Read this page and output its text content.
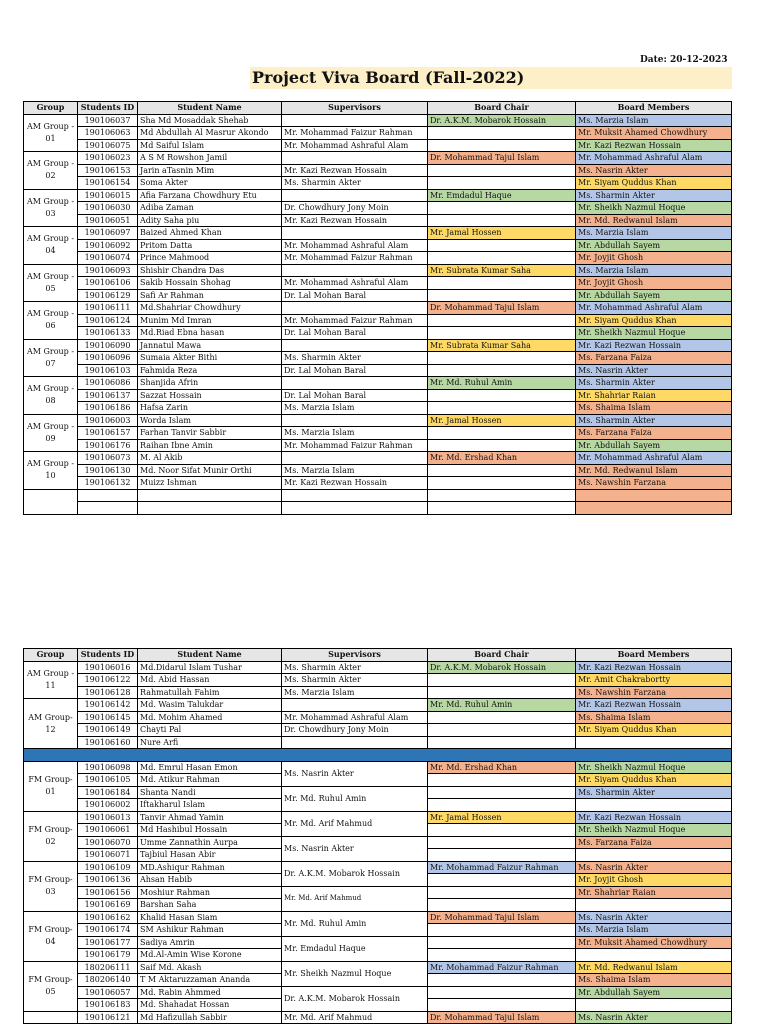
Date: 20-12-2023
Project Viva Board (Fall-2022)
Group	Students ID	Student Name	Supervisors	Board Chair	Board Members
AM Group - 01	190106037	Sha Md Mosaddak Shehab		Dr. A.K.M. Mobarok Hossain	Ms. Marzia Islam
	190106063	Md Abdullah Al Masrur Akondo	Mr. Mohammad Faizur Rahman		Mr. Muksit Ahamed Chowdhury
	190106075	Md Saiful Islam	Mr. Mohammad Ashraful Alam		Mr. Kazi Rezwan Hossain
AM Group - 02	190106023	A S M Rowshon Jamil		Dr. Mohammad Tajul Islam	Mr. Mohammad Ashraful Alam
	190106153	Jarin aTasnin Mim	Mr. Kazi Rezwan Hossain		Ms. Nasrin Akter
	190106154	Soma Akter	Ms. Sharmin Akter		Mr. Siyam Quddus Khan
AM Group - 03	190106015	Afia Farzana Chowdhury Etu		Mr. Emdadul Haque	Ms. Sharmin Akter
	190106030	Adiba Zaman	Dr. Chowdhury Jony Moin		Mr. Sheikh Nazmul Hoque
	190106051	Adity Saha piu	Mr. Kazi Rezwan Hossain		Mr. Md. Redwanul Islam
AM Group - 04	190106097	Baized Ahmed Khan		Mr. Jamal Hossen	Ms. Marzia Islam
	190106092	Pritom Datta	Mr. Mohammad Ashraful Alam		Mr. Abdullah Sayem
	190106074	Prince Mahmood	Mr. Mohammad Faizur Rahman		Mr. Joyjit Ghosh
AM Group - 05	190106093	Shishir Chandra Das		Mr. Subrata Kumar Saha	Ms. Marzia Islam
	190106106	Sakib Hossain Shohag	Mr. Mohammad Ashraful Alam		Mr. Joyjit Ghosh
	190106129	Safi Ar Rahman	Dr. Lal Mohan Baral		Mr. Abdullah Sayem
AM Group - 06	190106111	Md.Shahriar Chowdhury		Dr. Mohammad Tajul Islam	Mr. Mohammad Ashraful Alam
	190106124	Munim Md Imran	Mr. Mohammad Faizur Rahman		Mr. Siyam Quddus Khan
	190106133	Md.Riad Ebna hasan	Dr. Lal Mohan Baral		Mr. Sheikh Nazmul Hoque
AM Group - 07	190106090	Jannatul Mawa		Mr. Subrata Kumar Saha	Mr. Kazi Rezwan Hossain
	190106096	Sumaia Akter Bithi	Ms. Sharmin Akter		Ms. Farzana Faiza
	190106103	Fahmida Reza	Dr. Lal Mohan Baral		Ms. Nasrin Akter
AM Group - 08	190106086	Shanjida Afrin		Mr. Md. Ruhul Amin	Ms. Sharmin Akter
	190106137	Sazzat Hossain	Dr. Lal Mohan Baral		Mr. Shahriar Raian
	190106186	Hafsa Zarin	Ms. Marzia Islam		Ms. Shaima Islam
AM Group - 09	190106003	Worda Islam		Mr. Jamal Hossen	Ms. Sharmin Akter
	190106157	Farhan Tanvir Sabbir	Ms. Marzia Islam		Ms. Farzana Faiza
	190106176	Raihan Ibne Amin	Mr. Mohammad Faizur Rahman		Mr. Abdullah Sayem
AM Group - 10	190106073	M. Al Akib		Mr. Md. Ershad Khan	Mr. Mohammad Ashraful Alam
	190106130	Md. Noor Sifat Munir Orthi	Ms. Marzia Islam		Mr. Md. Redwanul Islam
	190106132	Muizz Ishman	Mr. Kazi Rezwan Hossain		Ms. Nawshin Farzana

Group	Students ID	Student Name	Supervisors	Board Chair	Board Members
AM Group - 11	190106016	Md.Didarul Islam Tushar	Ms. Sharmin Akter	Dr. A.K.M. Mobarok Hossain	Mr. Kazi Rezwan Hossain
	190106122	Md. Abid Hassan	Ms. Sharmin Akter		Mr. Amit Chakrabortty
	190106128	Rahmatullah Fahim	Ms. Marzia Islam		Ms. Nawshin Farzana
AM Group-12	190106142	Md. Wasim Talukdar		Mr. Md. Ruhul Amin	Mr. Kazi Rezwan Hossain
	190106145	Md. Mohim Ahamed	Mr. Mohammad Ashraful Alam		Ms. Shaima Islam
	190106149	Chayti Pal	Dr. Chowdhury Jony Moin		Mr. Siyam Quddus Khan
	190106160	Nure Arfi			

FM Group-01	190106098	Md. Emrul Hasan Emon	Ms. Nasrin Akter	Mr. Md. Ershad Khan	Mr. Sheikh Nazmul Hoque
	190106105	Md. Atikur Rahman			Mr. Siyam Quddus Khan
	190106184	Shanta Nandi	Mr. Md. Ruhul Amin		Ms. Sharmin Akter
	190106002	Iftakharul Islam			
FM Group-02	190106013	Tanvir Ahmad Yamin	Mr. Md. Arif Mahmud	Mr. Jamal Hossen	Mr. Kazi Rezwan Hossain
	190106061	Md Hashibul Hossain			Mr. Sheikh Nazmul Hoque
	190106070	Umme Zannathin Aurpa	Ms. Nasrin Akter		Ms. Farzana Faiza
	190106071	Tajbiul Hasan Abir			
FM Group-03	190106109	MD.Ashiqur Rahman	Dr. A.K.M. Mobarok Hossain	Mr. Mohammad Faizur Rahman	Ms. Nasrin Akter
	190106136	Ahsan Habib			Mr. Joyjit Ghosh
	190106156	Moshiur Rahman	Mr. Md. Arif Mahmud		Mr. Shahriar Raian
	190106169	Barshan Saha			
FM Group-04	190106162	Khalid Hasan Siam	Mr. Md. Ruhul Amin	Dr. Mohammad Tajul Islam	Ms. Nasrin Akter
	190106174	SM Ashikur Rahman			Ms. Marzia Islam
	190106177	Sadiya Amrin	Mr. Emdadul Haque		Mr. Muksit Ahamed Chowdhury
	190106179	Md.Al-Amin Wise Korone			
FM Group-05	180206111	Saif Md. Akash	Mr. Sheikh Nazmul Hoque	Mr. Mohammad Faizur Rahman	Mr. Md. Redwanul Islam
	180206140	T M Aktaruzzaman Ananda			Ms. Shaima Islam
	190106057	Md. Rabin Ahmmed	Dr. A.K.M. Mobarok Hossain		Mr. Abdullah Sayem
	190106183	Md. Shahadat Hossan			
	190106121	Md Hafizullah Sabbir	Mr. Md. Arif Mahmud	Dr. Mohammad Tajul Islam	Ms. Nasrin Akter
